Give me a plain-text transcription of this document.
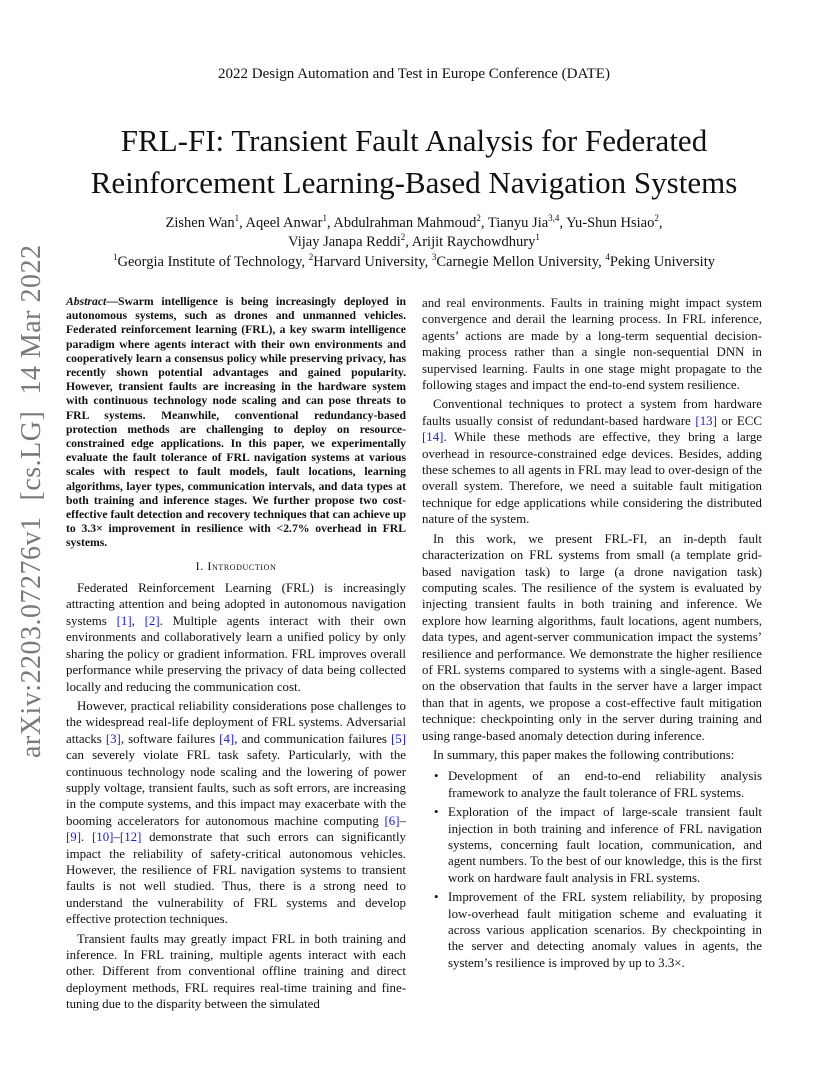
2022 Design Automation and Test in Europe Conference (DATE)
FRL-FI: Transient Fault Analysis for Federated
Reinforcement Learning-Based Navigation Systems
Zishen Wan$^1$, Aqeel Anwar$^1$, Abdulrahman Mahmoud$^2$, Tianyu Jia$^{3,4}$, Yu-Shun Hsiao$^2$,
Vijay Janapa Reddi$^2$, Arijit Raychowdhury$^1$
$^1$Georgia Institute of Technology, $^2$Harvard University, $^3$Carnegie Mellon University, $^4$Peking University
arXiv:2203.07276v1[cs.LG]14 Mar 2022 Abstract—Swarm intelligence is being increasingly deployed in autonomous systems, such as drones and unmanned vehicles. Federated reinforcement learning (FRL), a key swarm intelligence paradigm where agents interact with their own environments and cooperatively learn a consensus policy while preserving privacy, has recently shown potential advantages and gained popularity. However, transient faults are increasing in the hardware system with continuous technology node scaling and can pose threats to FRL systems. Meanwhile, conventional redundancy-based protection methods are challenging to deploy on resource-constrained edge applications. In this paper, we experimentally evaluate the fault tolerance of FRL navigation systems at various scales with respect to fault models, fault locations, learning algorithms, layer types, communication intervals, and data types at both training and inference stages. We further propose two cost-effective fault detection and recovery techniques that can achieve up to 3.3× improvement in resilience with <2.7% overhead in FRL systems.

I. Introduction

Federated Reinforcement Learning (FRL) is increasingly attracting attention and being adopted in autonomous navigation systems [1], [2]. Multiple agents interact with their own environments and collaboratively learn a unified policy by only sharing the policy or gradient information. FRL improves overall performance while preserving the privacy of data being collected locally and reducing the communication cost.

However, practical reliability considerations pose challenges to the widespread real-life deployment of FRL systems. Adversarial attacks [3], software failures [4], and communication failures [5] can severely violate FRL task safety. Particularly, with the continuous technology node scaling and the lowering of power supply voltage, transient faults, such as soft errors, are increasing in the compute systems, and this impact may exacerbate with the booming accelerators for autonomous machine computing [6]–[9]. [10]–[12] demonstrate that such errors can significantly impact the reliability of safety-critical autonomous vehicles. However, the resilience of FRL navigation systems to transient faults is not well studied. Thus, there is a strong need to understand the vulnerability of FRL systems and develop effective protection techniques.

Transient faults may greatly impact FRL in both training and inference. In FRL training, multiple agents interact with each other. Different from conventional offline training and direct deployment methods, FRL requires real-time training and fine-tuning due to the disparity between the simulated

and real environments. Faults in training might impact system convergence and derail the learning process. In FRL inference, agents’ actions are made by a long-term sequential decision-making process rather than a single non-sequential DNN in supervised learning. Faults in one stage might propagate to the following stages and impact the end-to-end system resilience.

Conventional techniques to protect a system from hardware faults usually consist of redundant-based hardware [13] or ECC [14]. While these methods are effective, they bring a large overhead in resource-constrained edge devices. Besides, adding these schemes to all agents in FRL may lead to over-design of the overall system. Therefore, we need a suitable fault mitigation technique for edge applications while considering the distributed nature of the system.

In this work, we present FRL-FI, an in-depth fault characterization on FRL systems from small (a template grid-based navigation task) to large (a drone navigation task) computing scales. The resilience of the system is evaluated by injecting transient faults in both training and inference. We explore how learning algorithms, fault locations, agent numbers, data types, and agent-server communication impact the systems’ resilience and performance. We demonstrate the higher resilience of FRL systems compared to systems with a single-agent. Based on the observation that faults in the server have a larger impact than that in agents, we propose a cost-effective fault mitigation technique: checkpointing only in the server during training and using range-based anomaly detection during inference.

In summary, this paper makes the following contributions:

• Development of an end-to-end reliability analysis framework to analyze the fault tolerance of FRL systems.
• Exploration of the impact of large-scale transient fault injection in both training and inference of FRL navigation systems, concerning fault location, communication, and agent numbers. To the best of our knowledge, this is the first work on hardware fault analysis in FRL systems.
• Improvement of the FRL system reliability, by proposing low-overhead fault mitigation scheme and evaluating it across various application scenarios. By checkpointing in the server and detecting anomaly values in agents, the system’s resilience is improved by up to 3.3×.
